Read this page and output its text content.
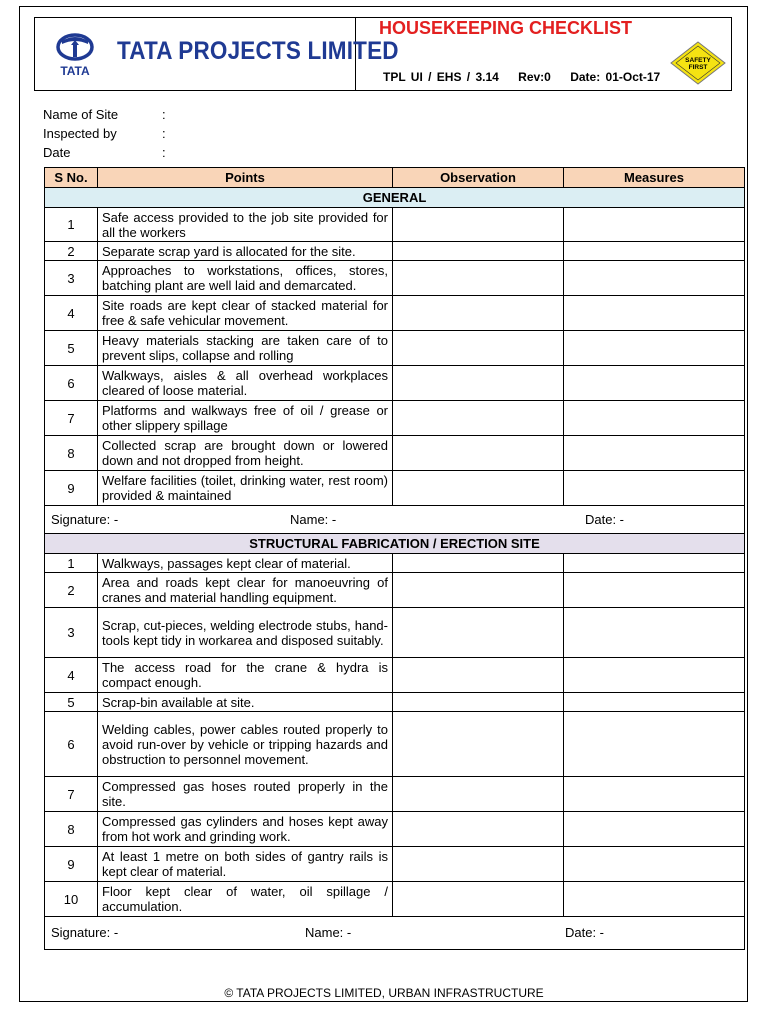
TATA
TATA PROJECTS LIMITED
HOUSEKEEPING CHECKLIST
TPL UI / EHS / 3.14 Rev:0 Date: 01-Oct-17
SAFETY
FIRST
Name of Site	:
Inspected by	:
Date	:
S No.	Points	Observation	Measures
GENERAL			
1	Safe access provided to the job site provided for all the workers		
2	Separate scrap yard is allocated for the site.		
3	Approaches to workstations, offices, stores, batching plant are well laid and demarcated.		
4	Site roads are kept clear of stacked material for free & safe vehicular movement.		
5	Heavy materials stacking are taken care of to prevent slips, collapse and rolling		
6	Walkways, aisles & all overhead workplaces cleared of loose material.		
7	Platforms and walkways free of oil / grease or other slippery spillage		
8	Collected scrap are brought down or lowered down and not dropped from height.		
9	Welfare facilities (toilet, drinking water, rest room) provided & maintained		

Signature: - Name: - Date: -			

STRUCTURAL FABRICATION / ERECTION SITE			
1	Walkways, passages kept clear of material.		
2	Area and roads kept clear for manoeuvring of cranes and material handling equipment.		
3	Scrap, cut-pieces, welding electrode stubs, hand-tools kept tidy in workarea and disposed suitably.		
4	The access road for the crane & hydra is compact enough.		
5	Scrap-bin available at site.		
6	Welding cables, power cables routed properly to avoid run-over by vehicle or tripping hazards and obstruction to personnel movement.		
7	Compressed gas hoses routed properly in the site.		
8	Compressed gas cylinders and hoses kept away from hot work and grinding work.		
9	At least 1 metre on both sides of gantry rails is kept clear of material.		
10	Floor kept clear of water, oil spillage / accumulation.		

Signature: - Name: - Date: -			
© TATA PROJECTS LIMITED, URBAN INFRASTRUCTURE
